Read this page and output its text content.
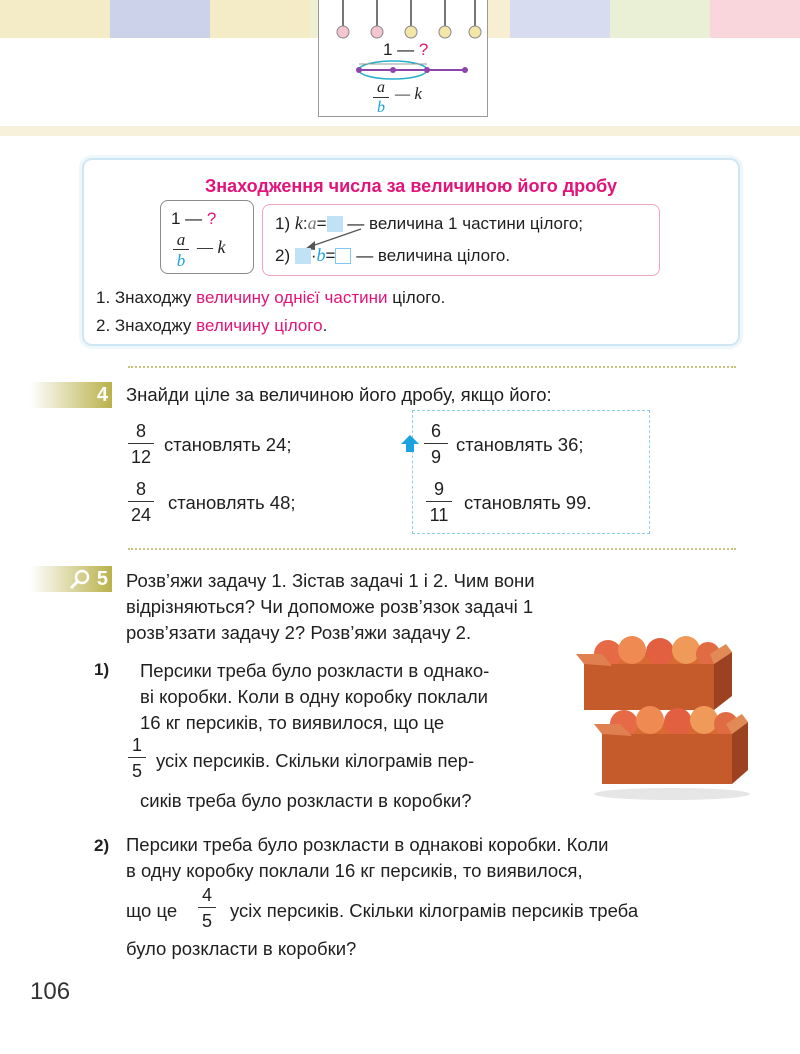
1 — ?
a
b
— k
Знаходження числа за величиною його дробу
1 — ?
a
b
— k
1) k:a= — величина 1 частини цілого;
2) ·b= — величина цілого.
1. Знаходжу величину однієї частини цілого.
2. Знаходжу величину цілого.
4 Знайди ціле за величиною його дробу, якщо його:
8
12
становлять 24;
8
24
становлять 48;
6
9
становлять 36;
9
11
становлять 99.
5 Розв’яжи задачу 1. Зістав задачі 1 і 2. Чим вони
відрізняються? Чи допоможе розв’язок задачі 1
розв’язати задачу 2? Розв’яжи задачу 2.
1) Персики треба було розкласти в однако-
ві коробки. Коли в одну коробку поклали
16 кг персиків, то виявилося, що це
1
5 усіх персиків. Скільки кілограмів пер-
сиків треба було розкласти в коробки?
2) Персики треба було розкласти в однакові коробки. Коли
в одну коробку поклали 16 кг персиків, то виявилося,
що це
4
5 усіх персиків. Скільки кілограмів персиків треба
було розкласти в коробки?
106
